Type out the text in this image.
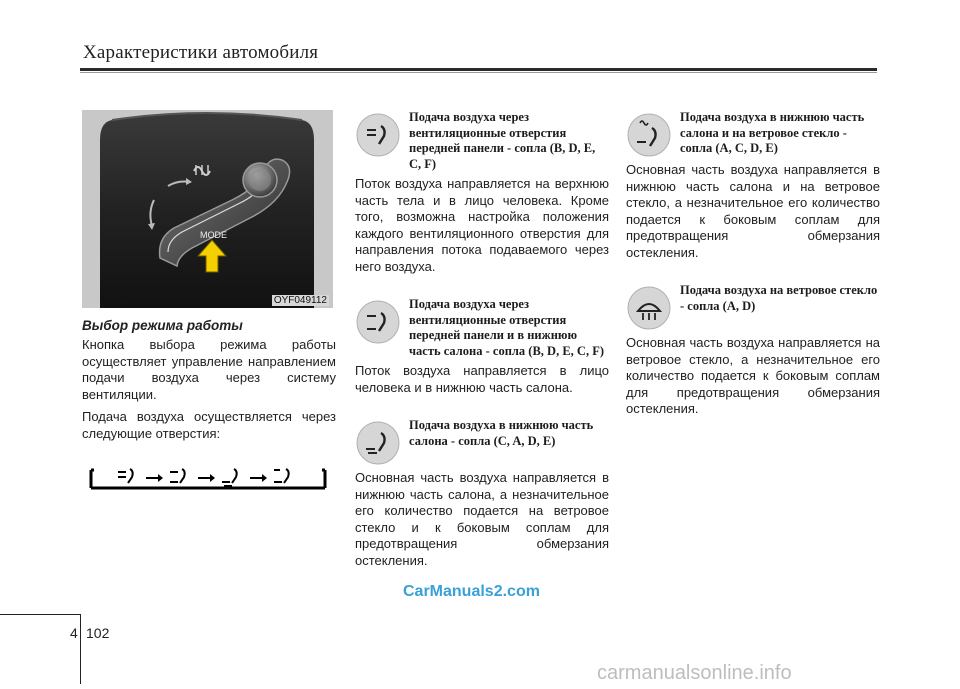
Характеристики автомобиля
MODE
OYF049112
Выбор режима работы

Кнопка выбора режима работы осуществляет управление направлением подачи воздуха через систему вентиляции.

Подача воздуха осуществляется через следующие отверстия:

Подача воздуха через вентиляционные отверстия передней панели - сопла (B, D, E, C, F)

Поток воздуха направляется на верхнюю часть тела и в лицо человека. Кроме того, возможна настройка положения каждого вентиляционного отверстия для направления потока подаваемого через него воздуха.

Подача воздуха через вентиляционные отверстия передней панели и в нижнюю часть салона - сопла (B, D, E, C, F)

Поток воздуха направляется в лицо человека и в нижнюю часть салона.

Подача воздуха в нижнюю часть салона - сопла (C, A, D, E)

Основная часть воздуха направляется в нижнюю часть салона, а незначительное его количество подается на ветровое стекло и к боковым соплам для предотвращения обмерзания остекления.

Подача воздуха в нижнюю часть салона и на ветровое стекло - сопла (A, C, D, E)

Основная часть воздуха направляется в нижнюю часть салона и на ветровое стекло, а незначительное его количество подается к боковым соплам для предотвращения обмерзания остекления.

Подача воздуха на ветровое стекло - сопла (A, D)

Основная часть воздуха направляется на ветровое стекло, а незначительное его количество подается к боковым соплам для предотвращения обмерзания остекления.

CarManuals2.com
4 102
carmanualsonline.info
